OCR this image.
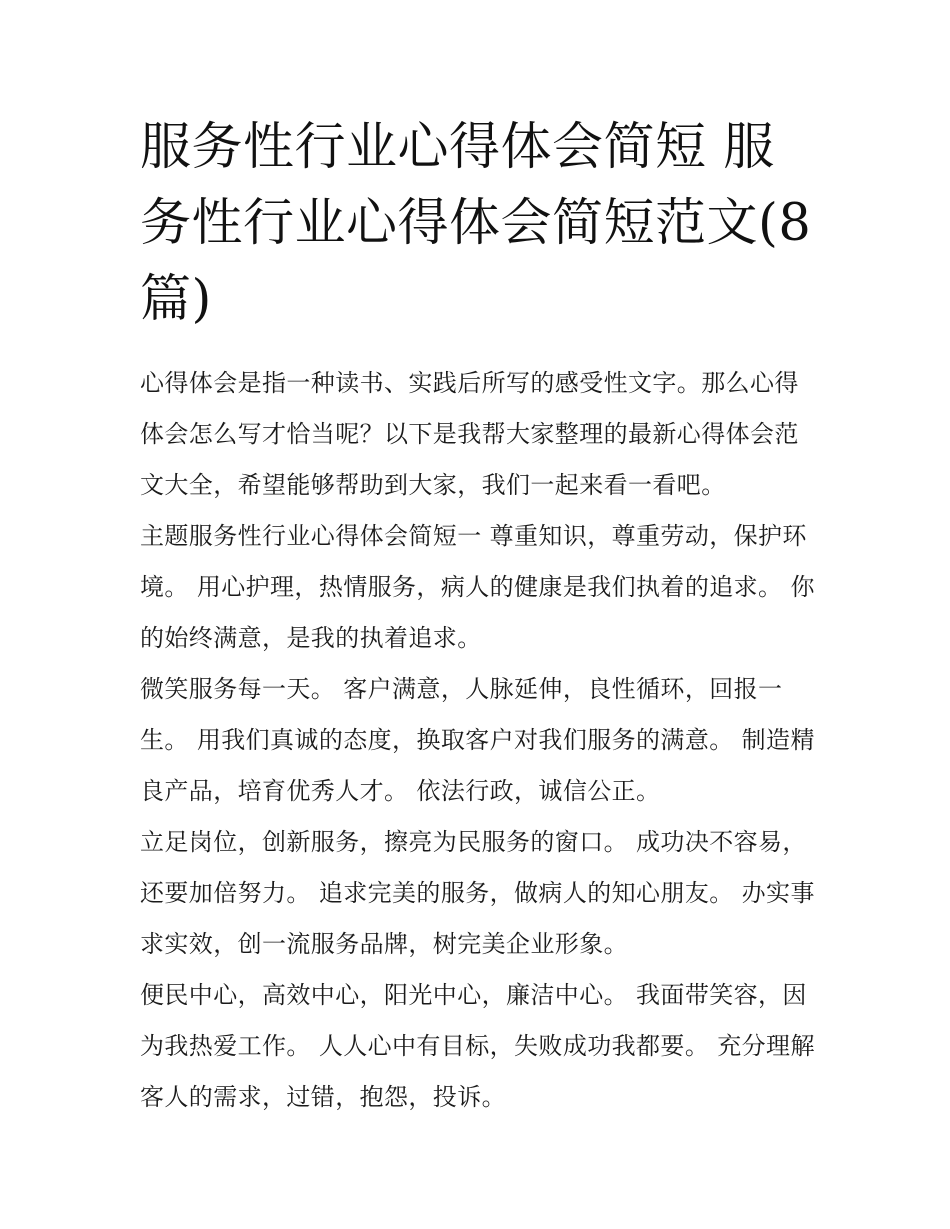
服务性行业心得体会简短 服务性行业心得体会简短范文(8篇)

心得体会是指一种读书、实践后所写的感受性文字。那么心得体会怎么写才恰当呢？以下是我帮大家整理的最新心得体会范文大全，希望能够帮助到大家，我们一起来看一看吧。

主题服务性行业心得体会简短一 尊重知识，尊重劳动，保护环境。 用心护理，热情服务，病人的健康是我们执着的追求。 你的始终满意，是我的执着追求。

微笑服务每一天。 客户满意，人脉延伸，良性循环，回报一生。 用我们真诚的态度，换取客户对我们服务的满意。 制造精良产品，培育优秀人才。 依法行政，诚信公正。

立足岗位，创新服务，擦亮为民服务的窗口。 成功决不容易，还要加倍努力。 追求完美的服务，做病人的知心朋友。 办实事求实效，创一流服务品牌，树完美企业形象。

便民中心，高效中心，阳光中心，廉洁中心。 我面带笑容，因为我热爱工作。 人人心中有目标，失败成功我都要。 充分理解客人的需求，过错，抱怨，投诉。
